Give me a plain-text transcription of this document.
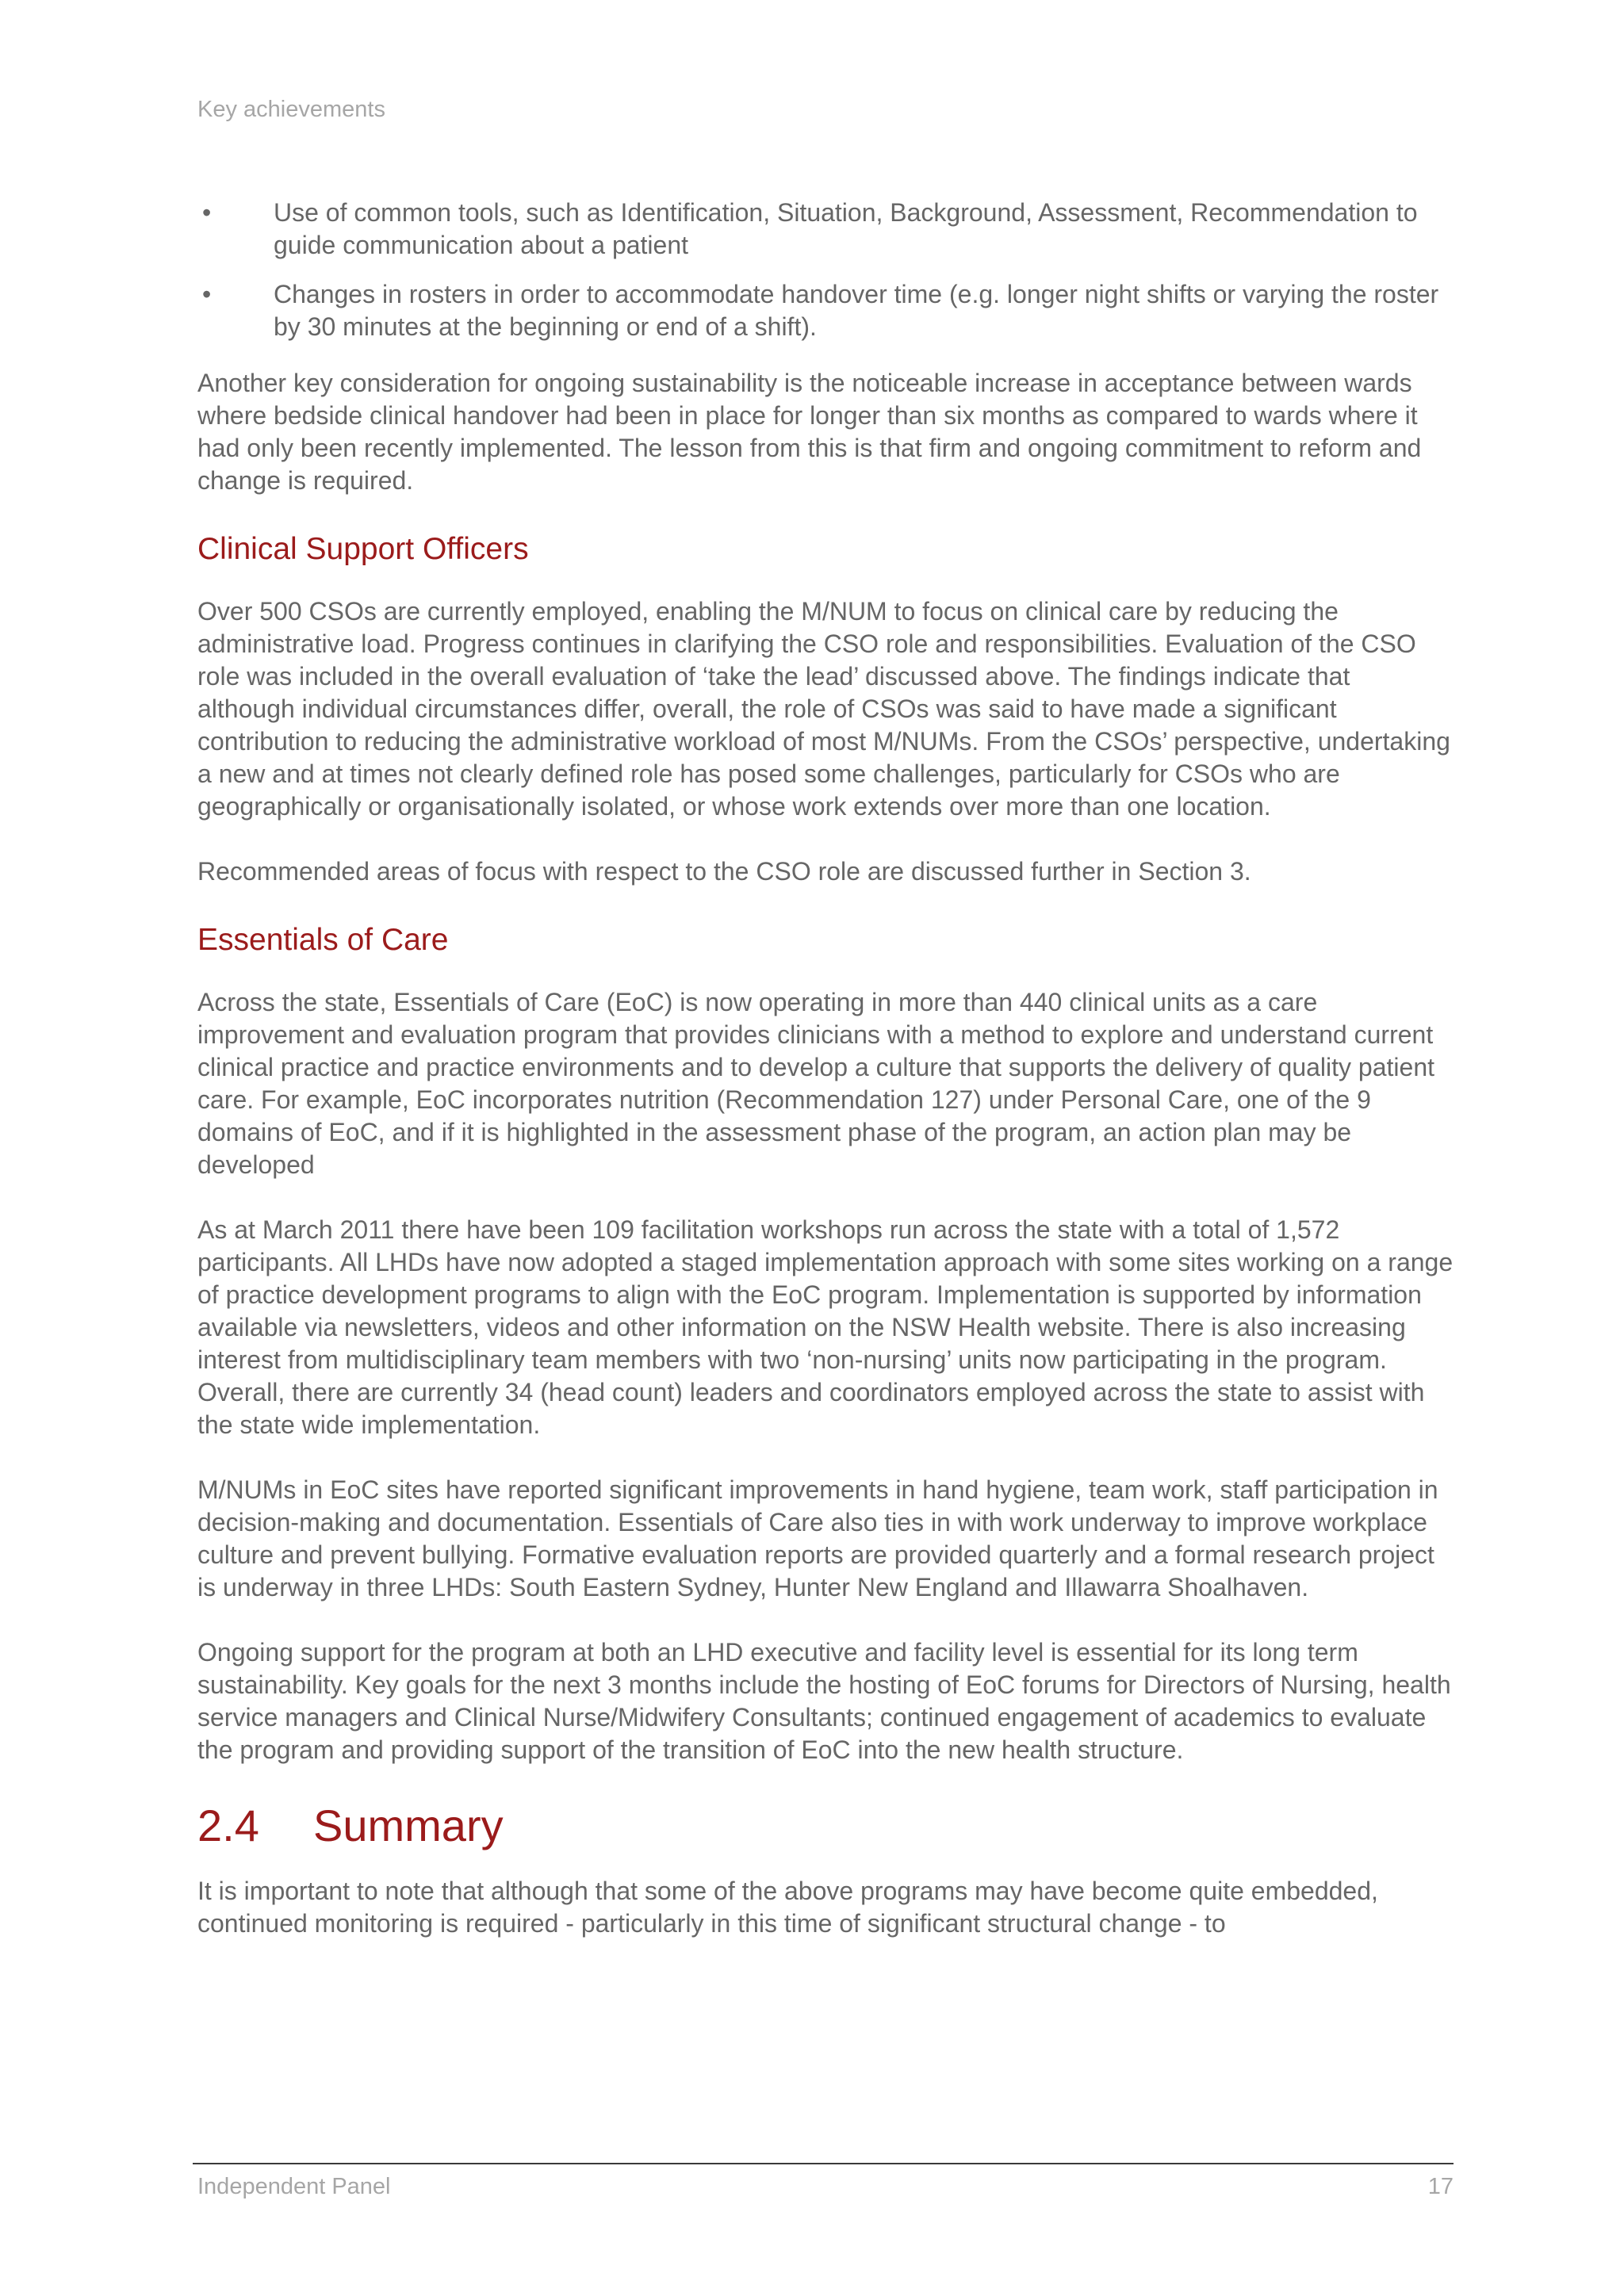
Key achievements
• Use of common tools, such as Identification, Situation, Background, Assessment, Recommendation to guide communication about a patient
• Changes in rosters in order to accommodate handover time (e.g. longer night shifts or varying the roster by 30 minutes at the beginning or end of a shift).

Another key consideration for ongoing sustainability is the noticeable increase in acceptance between wards where bedside clinical handover had been in place for longer than six months as compared to wards where it had only been recently implemented. The lesson from this is that firm and ongoing commitment to reform and change is required.

Clinical Support Officers

Over 500 CSOs are currently employed, enabling the M/NUM to focus on clinical care by reducing the administrative load. Progress continues in clarifying the CSO role and responsibilities. Evaluation of the CSO role was included in the overall evaluation of ‘take the lead’ discussed above. The findings indicate that although individual circumstances differ, overall, the role of CSOs was said to have made a significant contribution to reducing the administrative workload of most M/NUMs. From the CSOs’ perspective, undertaking a new and at times not clearly defined role has posed some challenges, particularly for CSOs who are geographically or organisationally isolated, or whose work extends over more than one location.

Recommended areas of focus with respect to the CSO role are discussed further in Section 3.

Essentials of Care

Across the state, Essentials of Care (EoC) is now operating in more than 440 clinical units as a care improvement and evaluation program that provides clinicians with a method to explore and understand current clinical practice and practice environments and to develop a culture that supports the delivery of quality patient care. For example, EoC incorporates nutrition (Recommendation 127) under Personal Care, one of the 9 domains of EoC, and if it is highlighted in the assessment phase of the program, an action plan may be developed

As at March 2011 there have been 109 facilitation workshops run across the state with a total of 1,572 participants. All LHDs have now adopted a staged implementation approach with some sites working on a range of practice development programs to align with the EoC program. Implementation is supported by information available via newsletters, videos and other information on the NSW Health website. There is also increasing interest from multidisciplinary team members with two ‘non-nursing’ units now participating in the program. Overall, there are currently 34 (head count) leaders and coordinators employed across the state to assist with the state wide implementation.

M/NUMs in EoC sites have reported significant improvements in hand hygiene, team work, staff participation in decision-making and documentation. Essentials of Care also ties in with work underway to improve workplace culture and prevent bullying. Formative evaluation reports are provided quarterly and a formal research project is underway in three LHDs: South Eastern Sydney, Hunter New England and Illawarra Shoalhaven.

Ongoing support for the program at both an LHD executive and facility level is essential for its long term sustainability. Key goals for the next 3 months include the hosting of EoC forums for Directors of Nursing, health service managers and Clinical Nurse/Midwifery Consultants; continued engagement of academics to evaluate the program and providing support of the transition of EoC into the new health structure.

2.4 Summary

It is important to note that although that some of the above programs may have become quite embedded, continued monitoring is required - particularly in this time of significant structural change - to

Independent Panel	17
